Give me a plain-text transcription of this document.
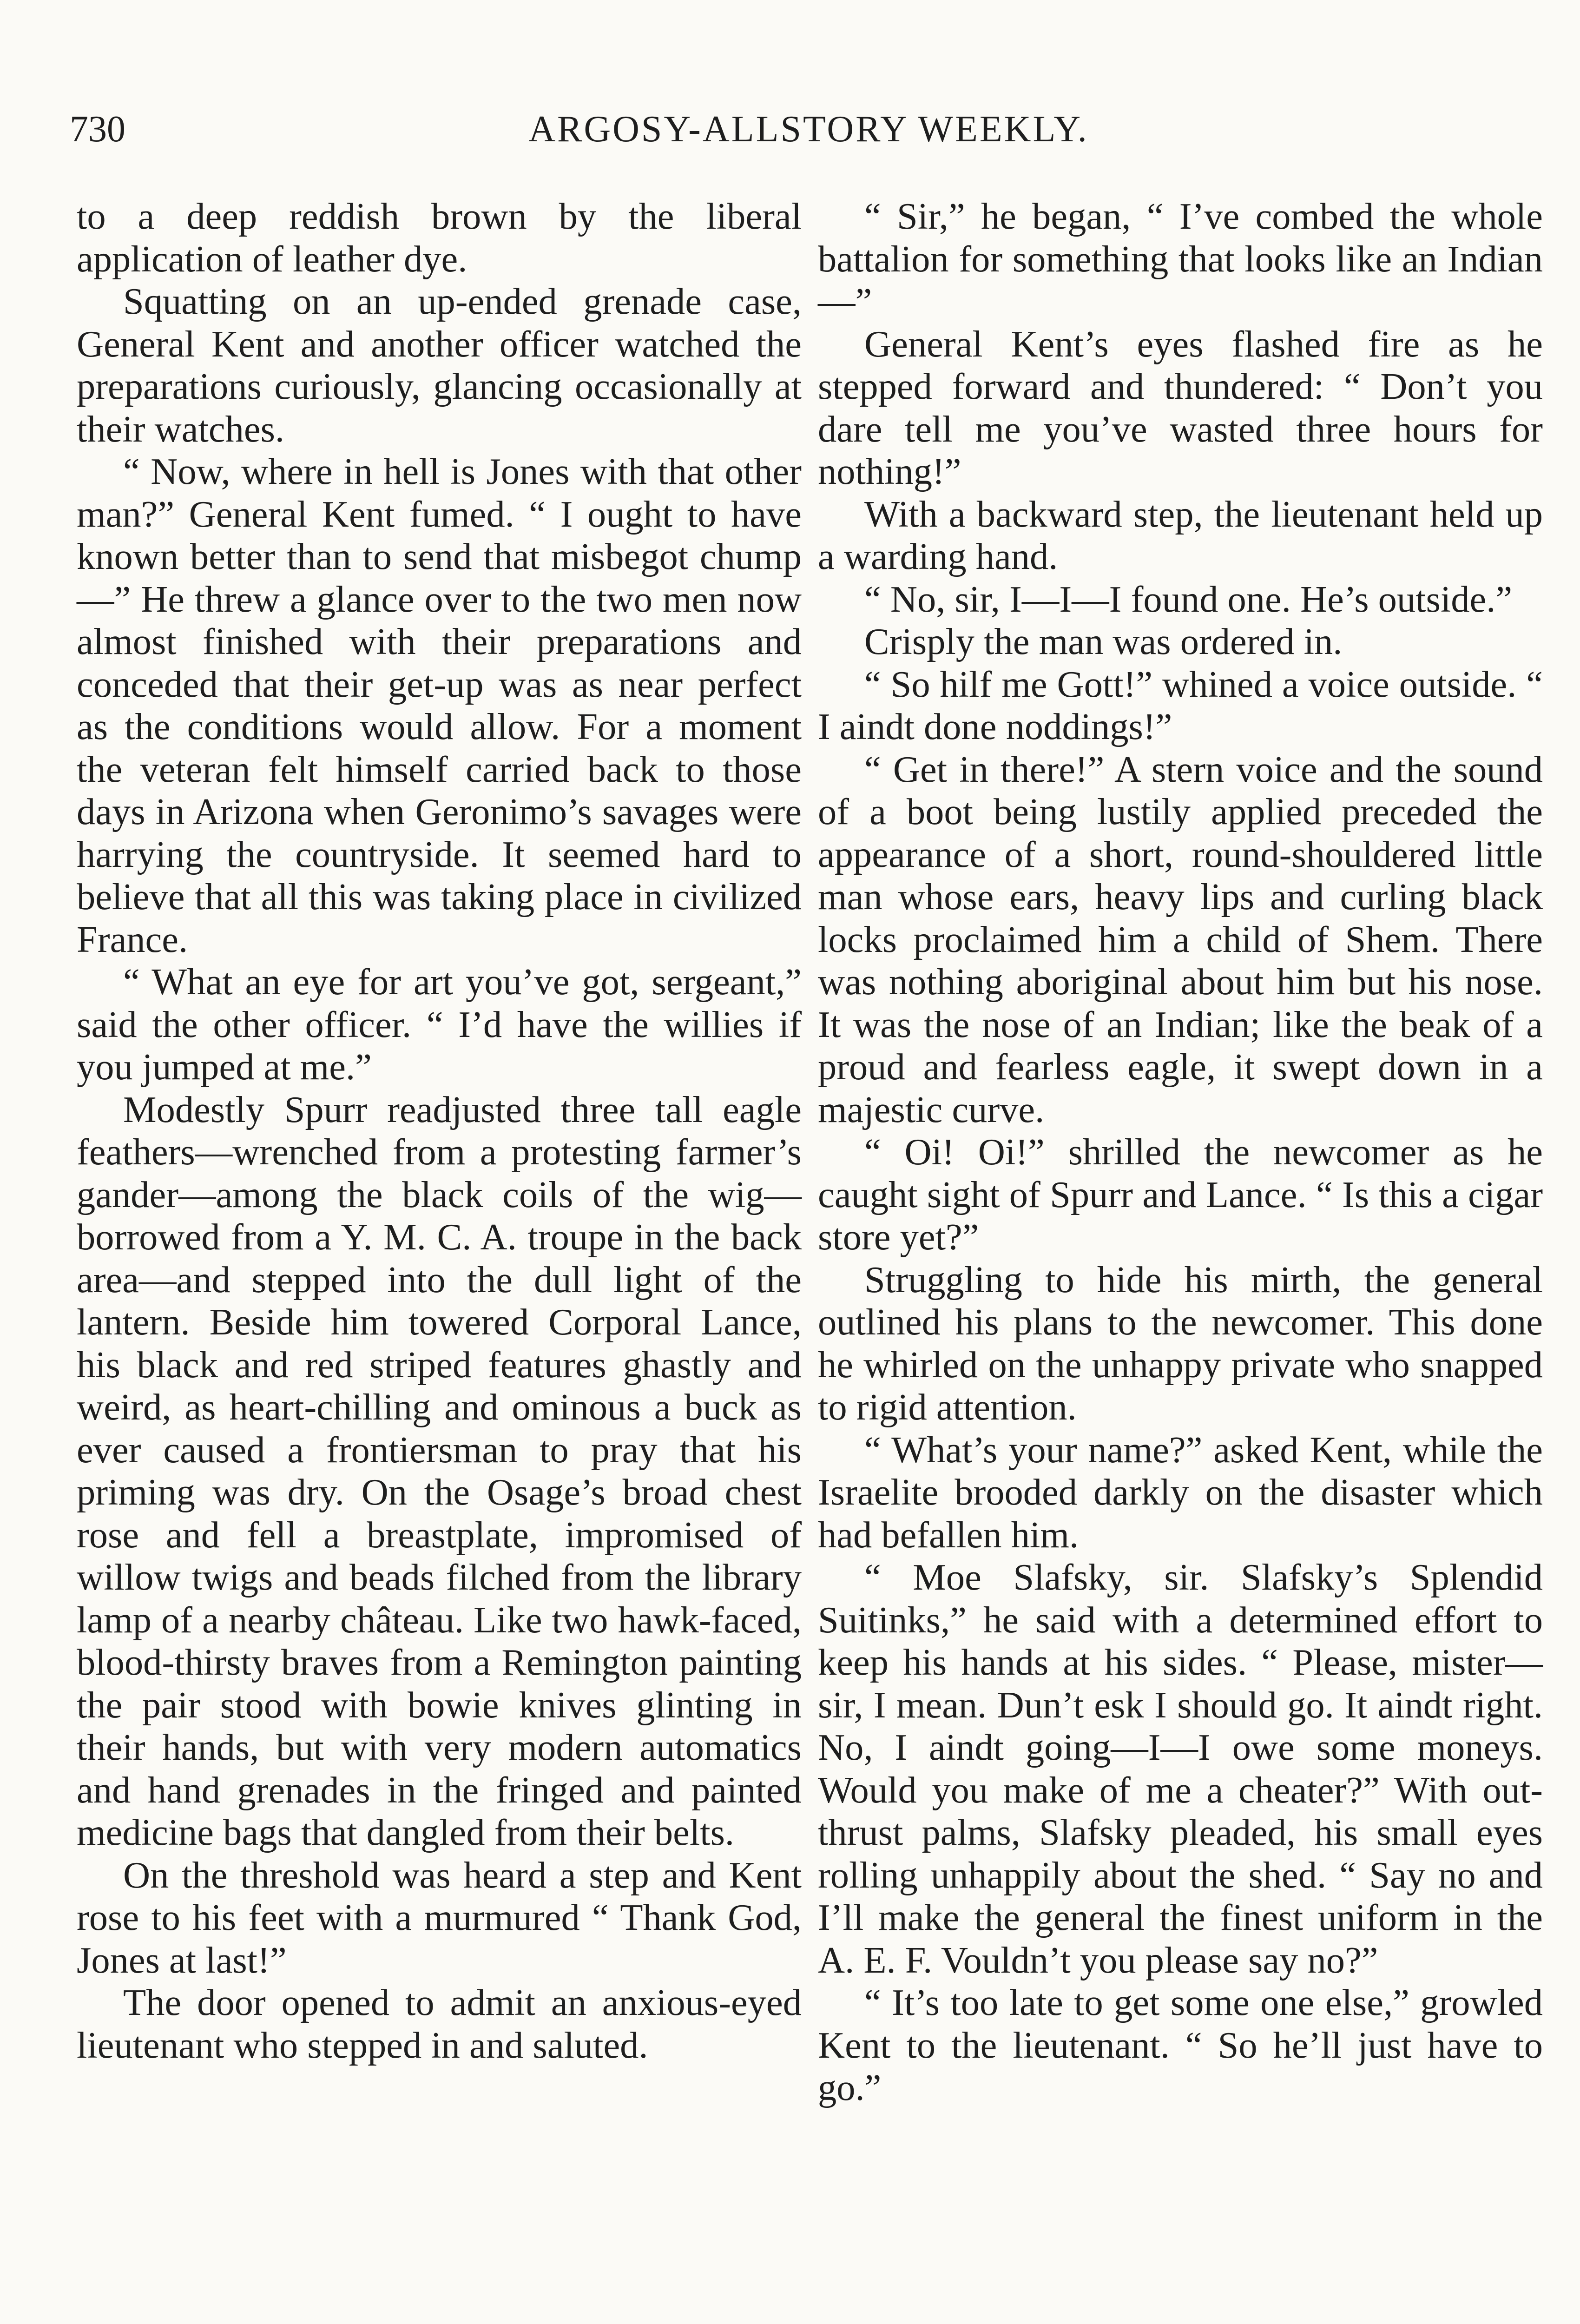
730	ARGOSY-ALLSTORY WEEKLY.

to a deep reddish brown by the liberal application of leather dye.

Squatting on an up-ended grenade case, General Kent and another officer watched the preparations curiously, glancing occasionally at their watches.

“ Now, where in hell is Jones with that other man?” General Kent fumed. “ I ought to have known better than to send that misbegot chump—” He threw a glance over to the two men now almost finished with their preparations and conceded that their get-up was as near perfect as the conditions would allow. For a moment the veteran felt himself carried back to those days in Arizona when Geronimo’s savages were harrying the countryside. It seemed hard to believe that all this was taking place in civilized France.

“ What an eye for art you’ve got, sergeant,” said the other officer. “ I’d have the willies if you jumped at me.”

Modestly Spurr readjusted three tall eagle feathers—wrenched from a protesting farmer’s gander—among the black coils of the wig—borrowed from a Y. M. C. A. troupe in the back area—and stepped into the dull light of the lantern. Beside him towered Corporal Lance, his black and red striped features ghastly and weird, as heart-chilling and ominous a buck as ever caused a frontiersman to pray that his priming was dry. On the Osage’s broad chest rose and fell a breastplate, impromised of willow twigs and beads filched from the library lamp of a nearby château. Like two hawk-faced, blood-thirsty braves from a Remington painting the pair stood with bowie knives glinting in their hands, but with very modern automatics and hand grenades in the fringed and painted medicine bags that dangled from their belts.

On the threshold was heard a step and Kent rose to his feet with a murmured “ Thank God, Jones at last!”

The door opened to admit an anxious-eyed lieutenant who stepped in and saluted.

“ Sir,” he began, “ I’ve combed the whole battalion for something that looks like an Indian—”

General Kent’s eyes flashed fire as he stepped forward and thundered: “ Don’t you dare tell me you’ve wasted three hours for nothing!”

With a backward step, the lieutenant held up a warding hand.

“ No, sir, I—I—I found one. He’s outside.”

Crisply the man was ordered in.

“ So hilf me Gott!” whined a voice outside. “ I aindt done noddings!”

“ Get in there!” A stern voice and the sound of a boot being lustily applied preceded the appearance of a short, round-shouldered little man whose ears, heavy lips and curling black locks proclaimed him a child of Shem. There was nothing aboriginal about him but his nose. It was the nose of an Indian; like the beak of a proud and fearless eagle, it swept down in a majestic curve.

“ Oi! Oi!” shrilled the newcomer as he caught sight of Spurr and Lance. “ Is this a cigar store yet?”

Struggling to hide his mirth, the general outlined his plans to the newcomer. This done he whirled on the unhappy private who snapped to rigid attention.

“ What’s your name?” asked Kent, while the Israelite brooded darkly on the disaster which had befallen him.

“ Moe Slafsky, sir. Slafsky’s Splendid Suitinks,” he said with a determined effort to keep his hands at his sides. “ Please, mister—sir, I mean. Dun’t esk I should go. It aindt right. No, I aindt going—I—I owe some moneys. Would you make of me a cheater?” With out-thrust palms, Slafsky pleaded, his small eyes rolling unhappily about the shed. “ Say no and I’ll make the general the finest uniform in the A. E. F. Vouldn’t you please say no?”

“ It’s too late to get some one else,” growled Kent to the lieutenant. “ So he’ll just have to go.”
